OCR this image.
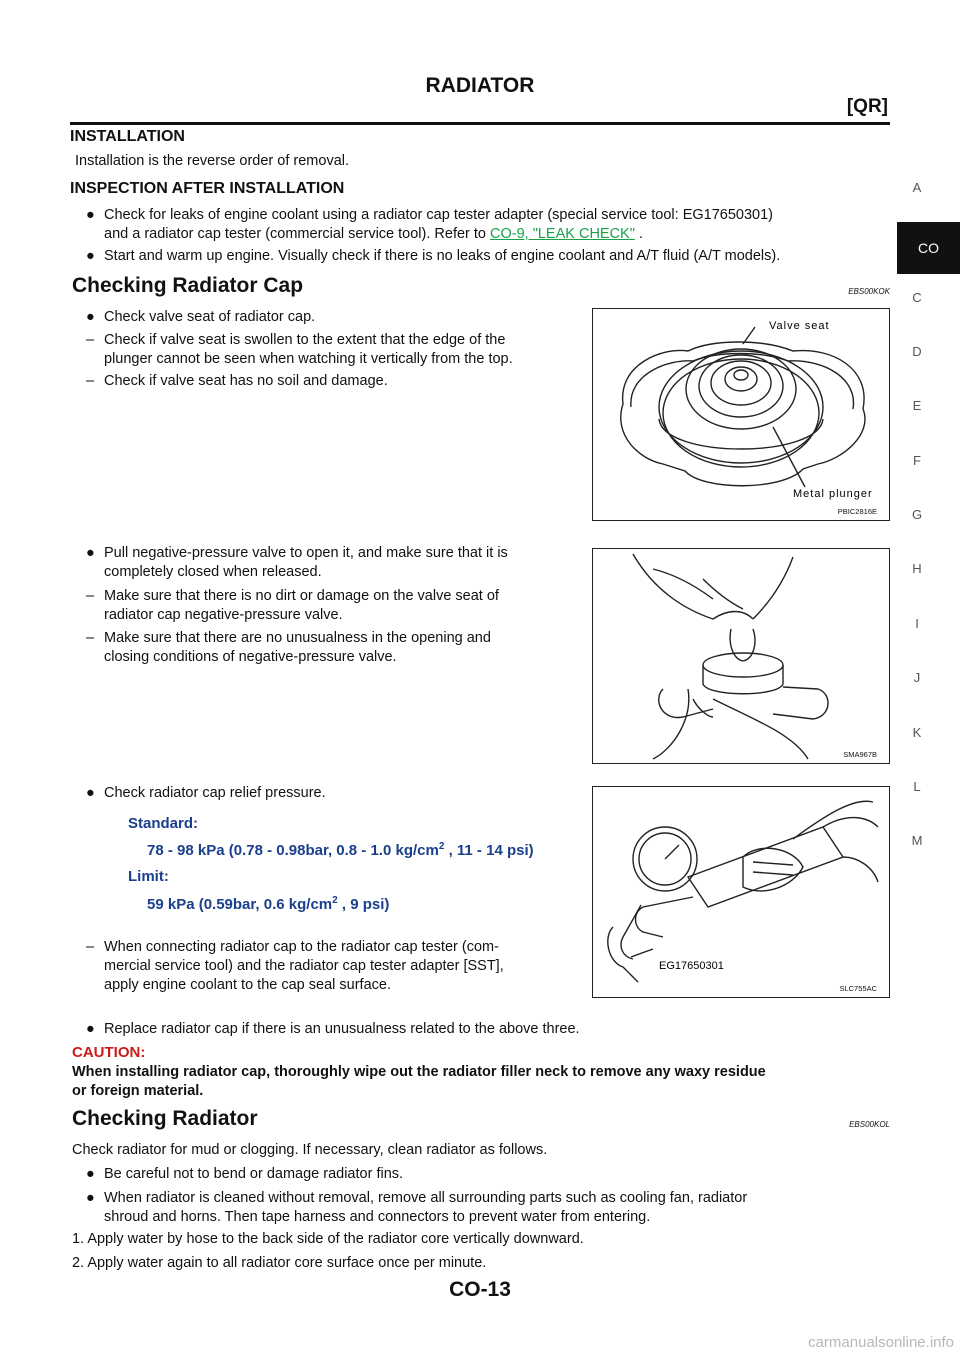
RADIATOR
[QR]
A
CO
C
D
E
F
G
H
I
J
K
L
M
INSTALLATION
Installation is the reverse order of removal.
INSPECTION AFTER INSTALLATION
● Check for leaks of engine coolant using a radiator cap tester adapter (special service tool: EG17650301)
and a radiator cap tester (commercial service tool). Refer to CO-9, "LEAK CHECK" .
● Start and warm up engine. Visually check if there is no leaks of engine coolant and A/T fluid (A/T models).
Checking Radiator Cap	EBS00KOK
● Check valve seat of radiator cap.
– Check if valve seat is swollen to the extent that the edge of the
plunger cannot be seen when watching it vertically from the top.
– Check if valve seat has no soil and damage.
Valve seat
Metal plunger
PBIC2816E
● Pull negative-pressure valve to open it, and make sure that it is
completely closed when released.
– Make sure that there is no dirt or damage on the valve seat of
radiator cap negative-pressure valve.
– Make sure that there are no unusualness in the opening and
closing conditions of negative-pressure valve.
SMA967B
● Check radiator cap relief pressure.
Standard:
78 - 98 kPa (0.78 - 0.98bar, 0.8 - 1.0 $kg/cm^2$ , 11 - 14 psi)
Limit:
59 kPa (0.59bar, 0.6 $kg/cm^2$ , 9 psi)
– When connecting radiator cap to the radiator cap tester (com-
mercial service tool) and the radiator cap tester adapter [SST],
apply engine coolant to the cap seal surface.
EG17650301
SLC755AC
● Replace radiator cap if there is an unusualness related to the above three.
CAUTION:
When installing radiator cap, thoroughly wipe out the radiator filler neck to remove any waxy residue
or foreign material.
Checking Radiator	EBS00KOL
Check radiator for mud or clogging. If necessary, clean radiator as follows.
● Be careful not to bend or damage radiator fins.
● When radiator is cleaned without removal, remove all surrounding parts such as cooling fan, radiator
shroud and horns. Then tape harness and connectors to prevent water from entering.
1. Apply water by hose to the back side of the radiator core vertically downward.
2. Apply water again to all radiator core surface once per minute.
CO-13
carmanualsonline.info
